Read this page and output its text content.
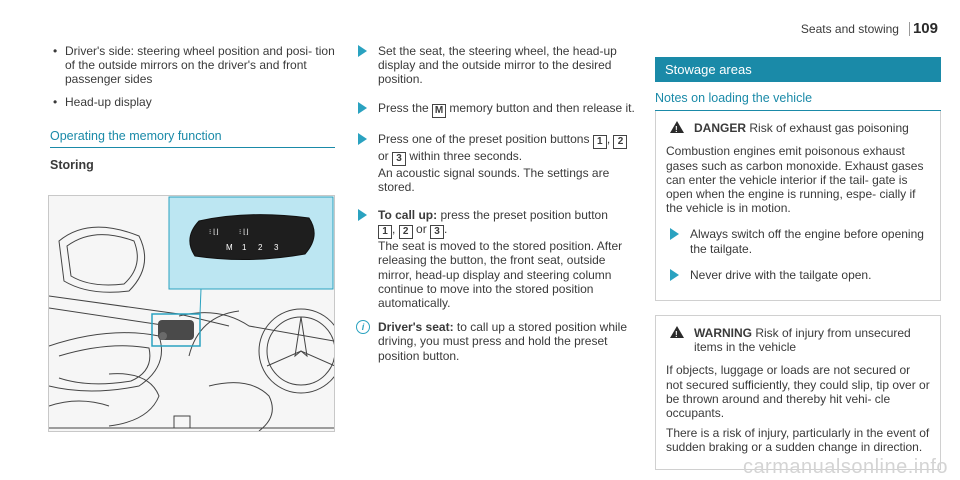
Seats and stowing 109
• Driver's side: steering wheel position and posi- tion of the outside mirrors on the driver's and front passenger sides
• Head-up display
Operating the memory function
Storing
⁝ ⌊⌋	⁝ ⌊⌋
M 1 2 3
Set the seat, the steering wheel, the head-up display and the outside mirror to the desired position.
Press the M memory button and then release it.
Press one of the preset position buttons 1 , 2 or 3 within three seconds.
An acoustic signal sounds. The settings are stored.
To call up: press the preset position button
1 , 2 or 3 .
The seat is moved to the stored position. After releasing the button, the front seat, outside mirror, head-up display and steering column continue to move into the stored position automatically.
i	Driver's seat: to call up a stored position while driving, you must press and hold the preset position button.
Stowage areas
Notes on loading the vehicle
! DANGER Risk of exhaust gas poisoning

Combustion engines emit poisonous exhaust gases such as carbon monoxide. Exhaust gases can enter the vehicle interior if the tail- gate is open when the engine is running, espe- cially if the vehicle is in motion.

Always switch off the engine before opening the tailgate.
Never drive with the tailgate open.
! WARNING Risk of injury from unsecured items in the vehicle

If objects, luggage or loads are not secured or not secured sufficiently, they could slip, tip over or be thrown around and thereby hit vehi- cle occupants.

There is a risk of injury, particularly in the event of sudden braking or a sudden change in direction.

carmanualsonline.info
